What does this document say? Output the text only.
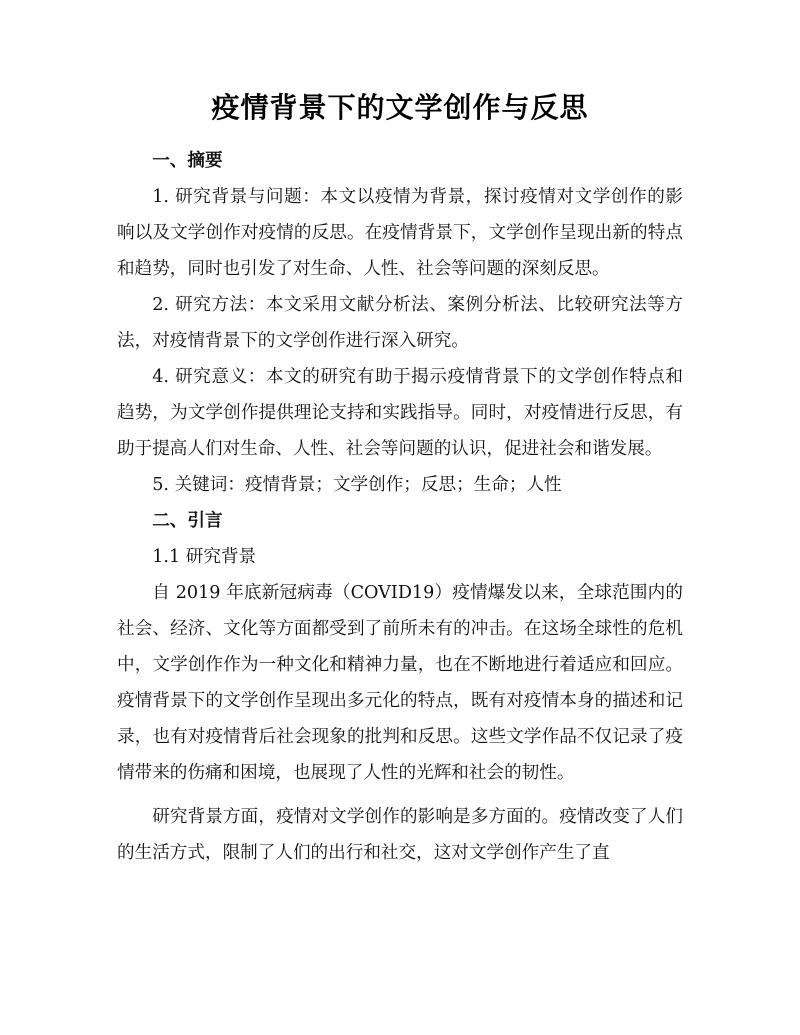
疫情背景下的文学创作与反思

一、摘要

1. 研究背景与问题：本文以疫情为背景，探讨疫情对文学创作的影响以及文学创作对疫情的反思。在疫情背景下，文学创作呈现出新的特点和趋势，同时也引发了对生命、人性、社会等问题的深刻反思。

2. 研究方法：本文采用文献分析法、案例分析法、比较研究法等方法，对疫情背景下的文学创作进行深入研究。

4. 研究意义：本文的研究有助于揭示疫情背景下的文学创作特点和趋势，为文学创作提供理论支持和实践指导。同时，对疫情进行反思，有助于提高人们对生命、人性、社会等问题的认识，促进社会和谐发展。

5. 关键词：疫情背景；文学创作；反思；生命；人性

二、引言

1.1 研究背景

自 2019 年底新冠病毒（COVID19）疫情爆发以来，全球范围内的社会、经济、文化等方面都受到了前所未有的冲击。在这场全球性的危机中，文学创作作为一种文化和精神力量，也在不断地进行着适应和回应。疫情背景下的文学创作呈现出多元化的特点，既有对疫情本身的描述和记录，也有对疫情背后社会现象的批判和反思。这些文学作品不仅记录了疫情带来的伤痛和困境，也展现了人性的光辉和社会的韧性。

研究背景方面，疫情对文学创作的影响是多方面的。疫情改变了人们的生活方式，限制了人们的出行和社交，这对文学创作产生了直
